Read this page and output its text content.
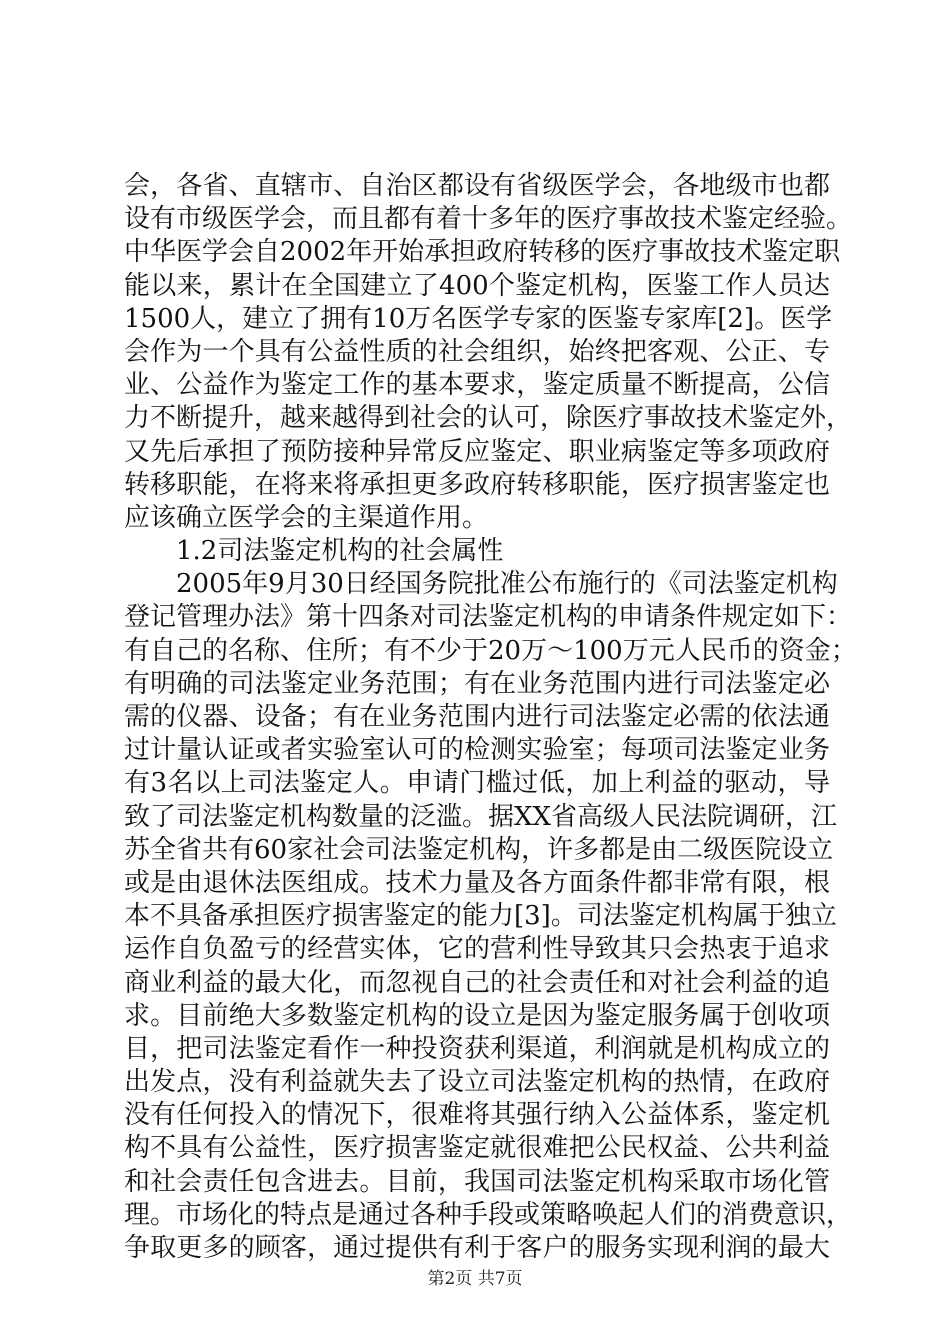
会，各省、直辖市、自治区都设有省级医学会，各地级市也都
设有市级医学会，而且都有着十多年的医疗事故技术鉴定经验。
中华医学会自2002年开始承担政府转移的医疗事故技术鉴定职
能以来，累计在全国建立了400个鉴定机构，医鉴工作人员达
1500人，建立了拥有10万名医学专家的医鉴专家库[2]。医学
会作为一个具有公益性质的社会组织，始终把客观、公正、专
业、公益作为鉴定工作的基本要求，鉴定质量不断提高，公信
力不断提升，越来越得到社会的认可，除医疗事故技术鉴定外，
又先后承担了预防接种异常反应鉴定、职业病鉴定等多项政府
转移职能，在将来将承担更多政府转移职能，医疗损害鉴定也
应该确立医学会的主渠道作用。
1.2司法鉴定机构的社会属性
2005年9月30日经国务院批准公布施行的《司法鉴定机构
登记管理办法》第十四条对司法鉴定机构的申请条件规定如下：
有自己的名称、住所；有不少于20万～100万元人民币的资金；
有明确的司法鉴定业务范围；有在业务范围内进行司法鉴定必
需的仪器、设备；有在业务范围内进行司法鉴定必需的依法通
过计量认证或者实验室认可的检测实验室；每项司法鉴定业务
有3名以上司法鉴定人。申请门槛过低，加上利益的驱动，导
致了司法鉴定机构数量的泛滥。据XX省高级人民法院调研，江
苏全省共有60家社会司法鉴定机构，许多都是由二级医院设立
或是由退休法医组成。技术力量及各方面条件都非常有限，根
本不具备承担医疗损害鉴定的能力[3]。司法鉴定机构属于独立
运作自负盈亏的经营实体，它的营利性导致其只会热衷于追求
商业利益的最大化，而忽视自己的社会责任和对社会利益的追
求。目前绝大多数鉴定机构的设立是因为鉴定服务属于创收项
目，把司法鉴定看作一种投资获利渠道，利润就是机构成立的
出发点，没有利益就失去了设立司法鉴定机构的热情，在政府
没有任何投入的情况下，很难将其强行纳入公益体系，鉴定机
构不具有公益性，医疗损害鉴定就很难把公民权益、公共利益
和社会责任包含进去。目前，我国司法鉴定机构采取市场化管
理。市场化的特点是通过各种手段或策略唤起人们的消费意识，
争取更多的顾客，通过提供有利于客户的服务实现利润的最大
第2页 共7页
